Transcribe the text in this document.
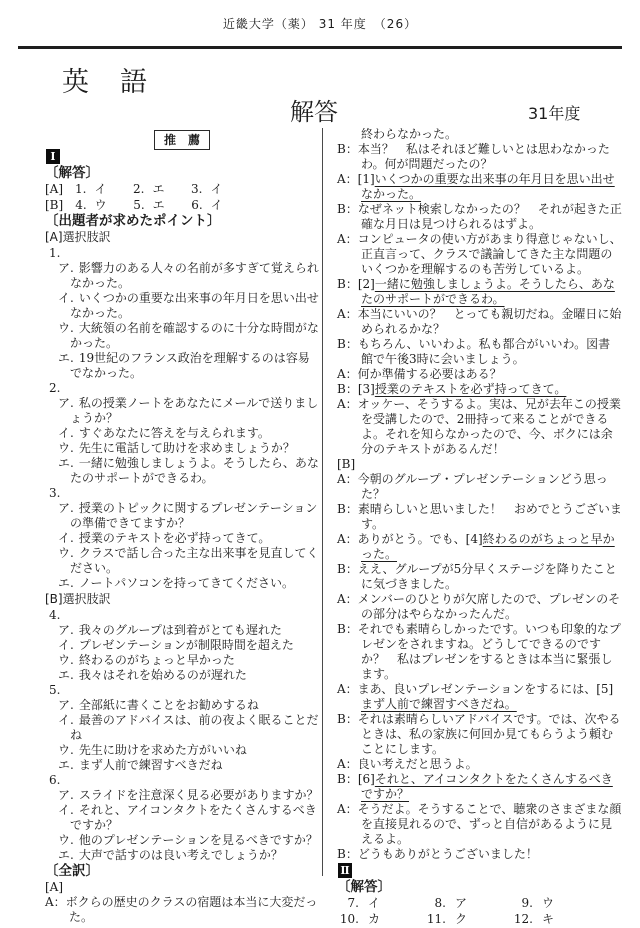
近畿大学（薬） 31 年度　（26）
英　語
解答	31年度
推　薦
Ⅰ
〔解答〕
[A] 1. イ 2. エ 3. イ
[B] 4. ウ 5. エ 6. イ
〔出題者が求めたポイント〕

[A]選択肢訳

1.

ア. 影響力のある人々の名前が多すぎて覚えられなかった。

イ. いくつかの重要な出来事の年月日を思い出せなかった。

ウ. 大統領の名前を確認するのに十分な時間がなかった。

エ. 19世紀のフランス政治を理解するのは容易でなかった。

2.

ア. 私の授業ノートをあなたにメールで送りましょうか？

イ. すぐあなたに答えを与えられます。

ウ. 先生に電話して助けを求めましょうか？

エ. 一緒に勉強しましょうよ。そうしたら、あなたのサポートができるわ。

3.

ア. 授業のトピックに関するプレゼンテーションの準備できてますか？

イ. 授業のテキストを必ず持ってきて。

ウ. クラスで話し合った主な出来事を見直してください。

エ. ノートパソコンを持ってきてください。

[B]選択肢訳

4.

ア. 我々のグループは到着がとても遅れた

イ. プレゼンテーションが制限時間を超えた

ウ. 終わるのがちょっと早かった

エ. 我々はそれを始めるのが遅れた

5.

ア. 全部紙に書くことをお勧めするね

イ. 最善のアドバイスは、前の夜よく眠ることだね

ウ. 先生に助けを求めた方がいいね

エ. まず人前で練習すべきだね

6.

ア. スライドを注意深く見る必要がありますか？

イ. それと、アイコンタクトをたくさんするべきですか？

ウ. 他のプレゼンテーションを見るべきですか？

エ. 大声で話すのは良い考えでしょうか？

〔全訳〕

[A]

A：ボクらの歴史のクラスの宿題は本当に大変だった。

終わらなかった。

B：本当？　私はそれほど難しいとは思わなかったわ。何が問題だったの？

A：[1]いくつかの重要な出来事の年月日を思い出せなかった。

B：なぜネット検索しなかったの？　それが起きた正確な月日は見つけられるはずよ。

A：コンピュータの使い方があまり得意じゃないし、正直言って、クラスで議論してきた主な問題のいくつかを理解するのも苦労しているよ。

B：[2]一緒に勉強しましょうよ。そうしたら、あなたのサポートができるわ。

A：本当にいいの？　とっても親切だね。金曜日に始められるかな？

B：もちろん、いいわよ。私も都合がいいわ。図書館で午後3時に会いましょう。

A：何か準備する必要はある？

B：[3]授業のテキストを必ず持ってきて。

A：オッケー、そうするよ。実は、兄が去年この授業を受講したので、2冊持って来ることができるよ。それを知らなかったので、今、ボクには余分のテキストがあるんだ！

[B]

A：今朝のグループ・プレゼンテーションどう思った？

B：素晴らしいと思いました！　おめでとうございます。

A：ありがとう。でも、[4]終わるのがちょっと早かった。

B：ええ、グループが5分早くステージを降りたことに気づきました。

A：メンバーのひとりが欠席したので、プレゼンのその部分はやらなかったんだ。

B：それでも素晴らしかったです。いつも印象的なプレゼンをされますね。どうしてできるのですか？　私はプレゼンをするときは本当に緊張します。

A：まあ、良いプレゼンテーションをするには、[5]まず人前で練習すべきだね。

B：それは素晴らしいアドバイスです。では、次やるときは、私の家族に何回か見てもらうよう頼むことにします。

A：良い考えだと思うよ。

B：[6]それと、アイコンタクトをたくさんするべきですか？

A：そうだよ。そうすることで、聴衆のさまざまな顔を直接見れるので、ずっと自信があるように見えるよ。

B：どうもありがとうございました！

Ⅱ
〔解答〕
7. イ	8. ア	9. ウ
10. カ	11. ク	12. キ
